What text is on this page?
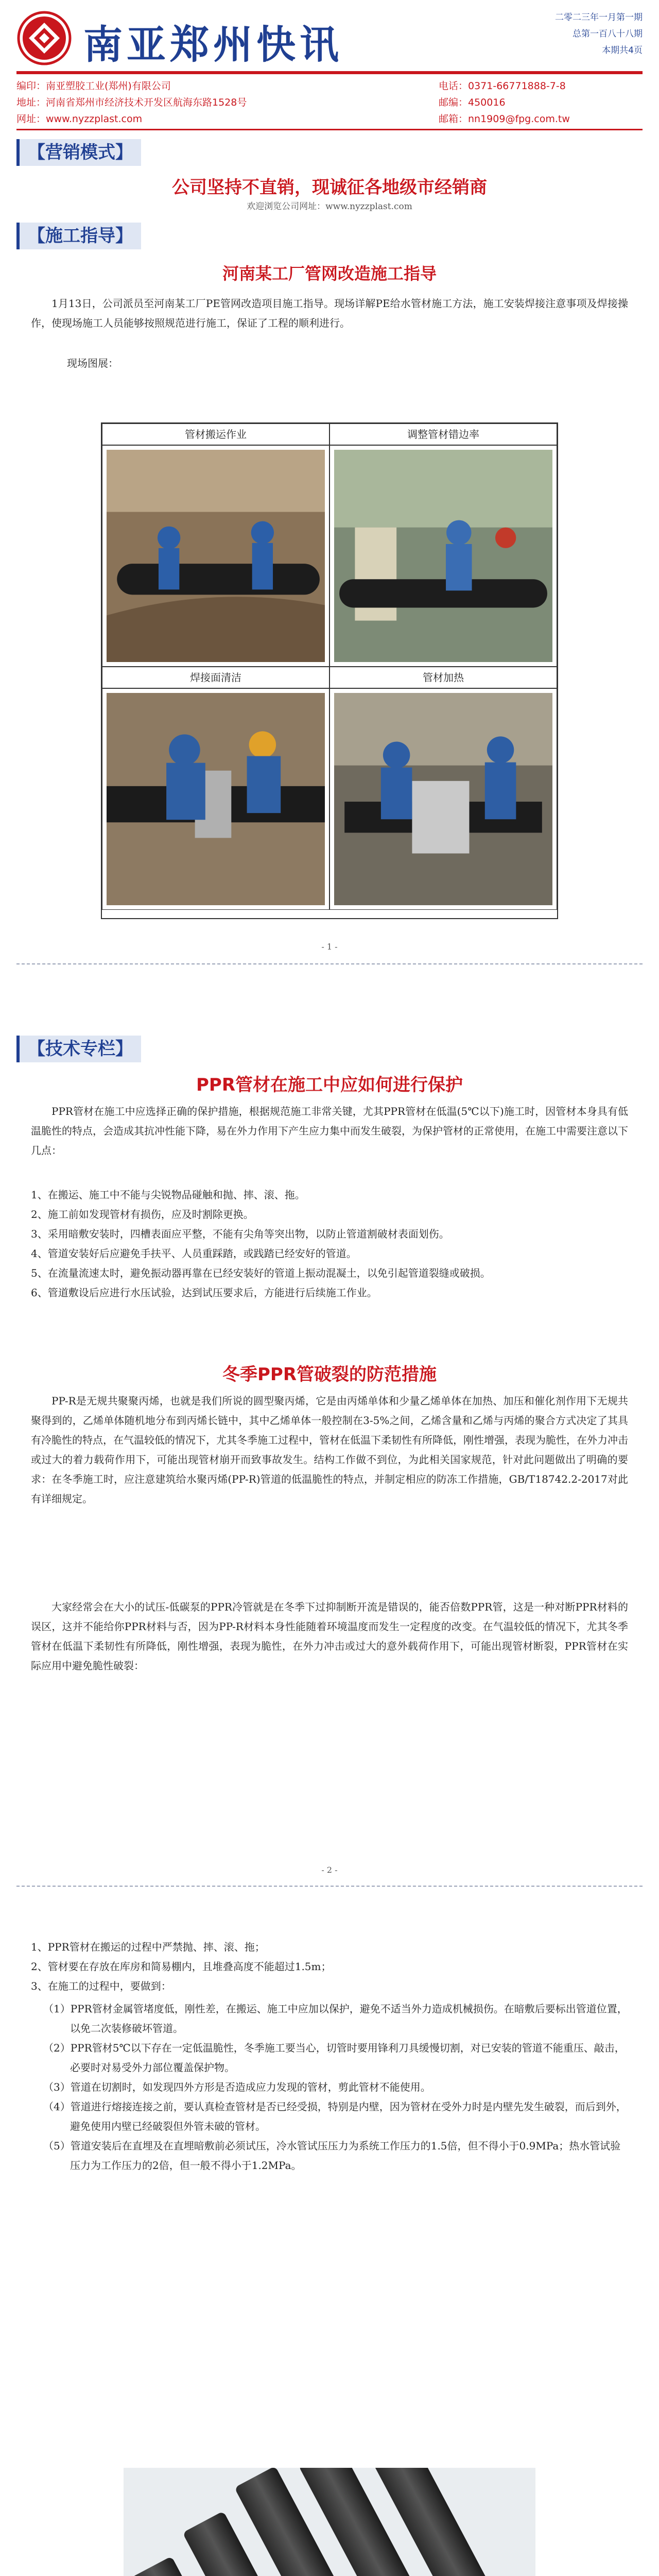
南亚郑州快讯
二零二三年一月第一期
总第一百八十八期
本期共4页
编印：南亚塑胶工业(郑州)有限公司	电话：0371-66771888-7-8
地址：河南省郑州市经济技术开发区航海东路1528号	邮编：450016
网址：www.nyzzplast.com	邮箱：nn1909@fpg.com.tw
【营销模式】
公司坚持不直销，现诚征各地级市经销商
欢迎浏览公司网址：www.nyzzplast.com
【施工指导】
河南某工厂管网改造施工指导

1月13日，公司派员至河南某工厂PE管网改造项目施工指导。现场详解PE给水管材施工方法，施工安装焊接注意事项及焊接操作，使现场施工人员能够按照规范进行施工，保证了工程的顺利进行。

现场图展：

管材搬运作业	调整管材错边率
焊接面清洁	管材加热
- 1 -
【技术专栏】
PPR管材在施工中应如何进行保护

PPR管材在施工中应选择正确的保护措施，根据规范施工非常关键，尤其PPR管材在低温(5℃以下)施工时，因管材本身具有低温脆性的特点，会造成其抗冲性能下降，易在外力作用下产生应力集中而发生破裂，为保护管材的正常使用，在施工中需要注意以下几点：

1、在搬运、施工中不能与尖锐物品碰触和抛、摔、滚、拖。
2、施工前如发现管材有损伤，应及时割除更换。
3、采用暗敷安装时，四槽表面应平整，不能有尖角等突出物，以防止管道割破材表面划伤。
4、管道安装好后应避免手扶平、人员重踩踏，或践踏已经安好的管道。
5、在流量流速太时，避免振动器再靠在已经安装好的管道上振动混凝土，以免引起管道裂缝或破损。
6、管道敷设后应进行水压试验，达到试压要求后，方能进行后续施工作业。
冬季PPR管破裂的防范措施

PP-R是无规共聚聚丙烯，也就是我们所说的圆型聚丙烯，它是由丙烯单体和少量乙烯单体在加热、加压和催化剂作用下无规共聚得到的，乙烯单体随机地分布到丙烯长链中，其中乙烯单体一般控制在3-5%之间，乙烯含量和乙烯与丙烯的聚合方式决定了其具有冷脆性的特点，在气温较低的情况下，尤其冬季施工过程中，管材在低温下柔韧性有所降低，刚性增强，表现为脆性，在外力冲击或过大的着力载荷作用下，可能出现管材崩开而致事故发生。结构工作做不到位，为此相关国家规范，针对此问题做出了明确的要求：在冬季施工时，应注意建筑给水聚丙烯(PP-R)管道的低温脆性的特点，并制定相应的防冻工作措施，GB/T18742.2-2017对此有详细规定。

大家经常会在大小的试压-低碳泵的PPR冷管就是在冬季下过抑制断开流是错误的，能否倍数PPR管，这是一种对断PPR材料的误区，这并不能给你PPR材料与否，因为PP-R材料本身性能随着环境温度而发生一定程度的改变。在气温较低的情况下，尤其冬季管材在低温下柔韧性有所降低，刚性增强，表现为脆性，在外力冲击或过大的意外载荷作用下，可能出现管材断裂，PPR管材在实际应用中避免脆性破裂：

- 2 -
1、PPR管材在搬运的过程中严禁抛、摔、滚、拖；
2、管材要在存放在库房和简易棚内，且堆叠高度不能超过1.5m；
3、在施工的过程中，要做到：
（1）PPR管材金属管堵度低，刚性差，在搬运、施工中应加以保护，避免不适当外力造成机械损伤。在暗敷后要标出管道位置，以免二次装修破坏管道。
（2）PPR管材5℃以下存在一定低温脆性，冬季施工要当心，切管时要用锋利刀具缓慢切割，对已安装的管道不能重压、敲击，必要时对易受外力部位覆盖保护物。
（3）管道在切割时，如发现四外方形是否造成应力发现的管材，剪此管材不能使用。
（4）管道进行熔接连接之前，要认真检查管材是否已经受损，特别是内壁，因为管材在受外力时是内壁先发生破裂，而后到外，避免使用内壁已经破裂但外管未破的管材。
（5）管道安装后在直埋及在直埋暗敷前必须试压，冷水管试压压力为系统工作压力的1.5倍，但不得小于0.9MPa；热水管试验压力为工作压力的2倍，但一般不得小于1.2MPa。
